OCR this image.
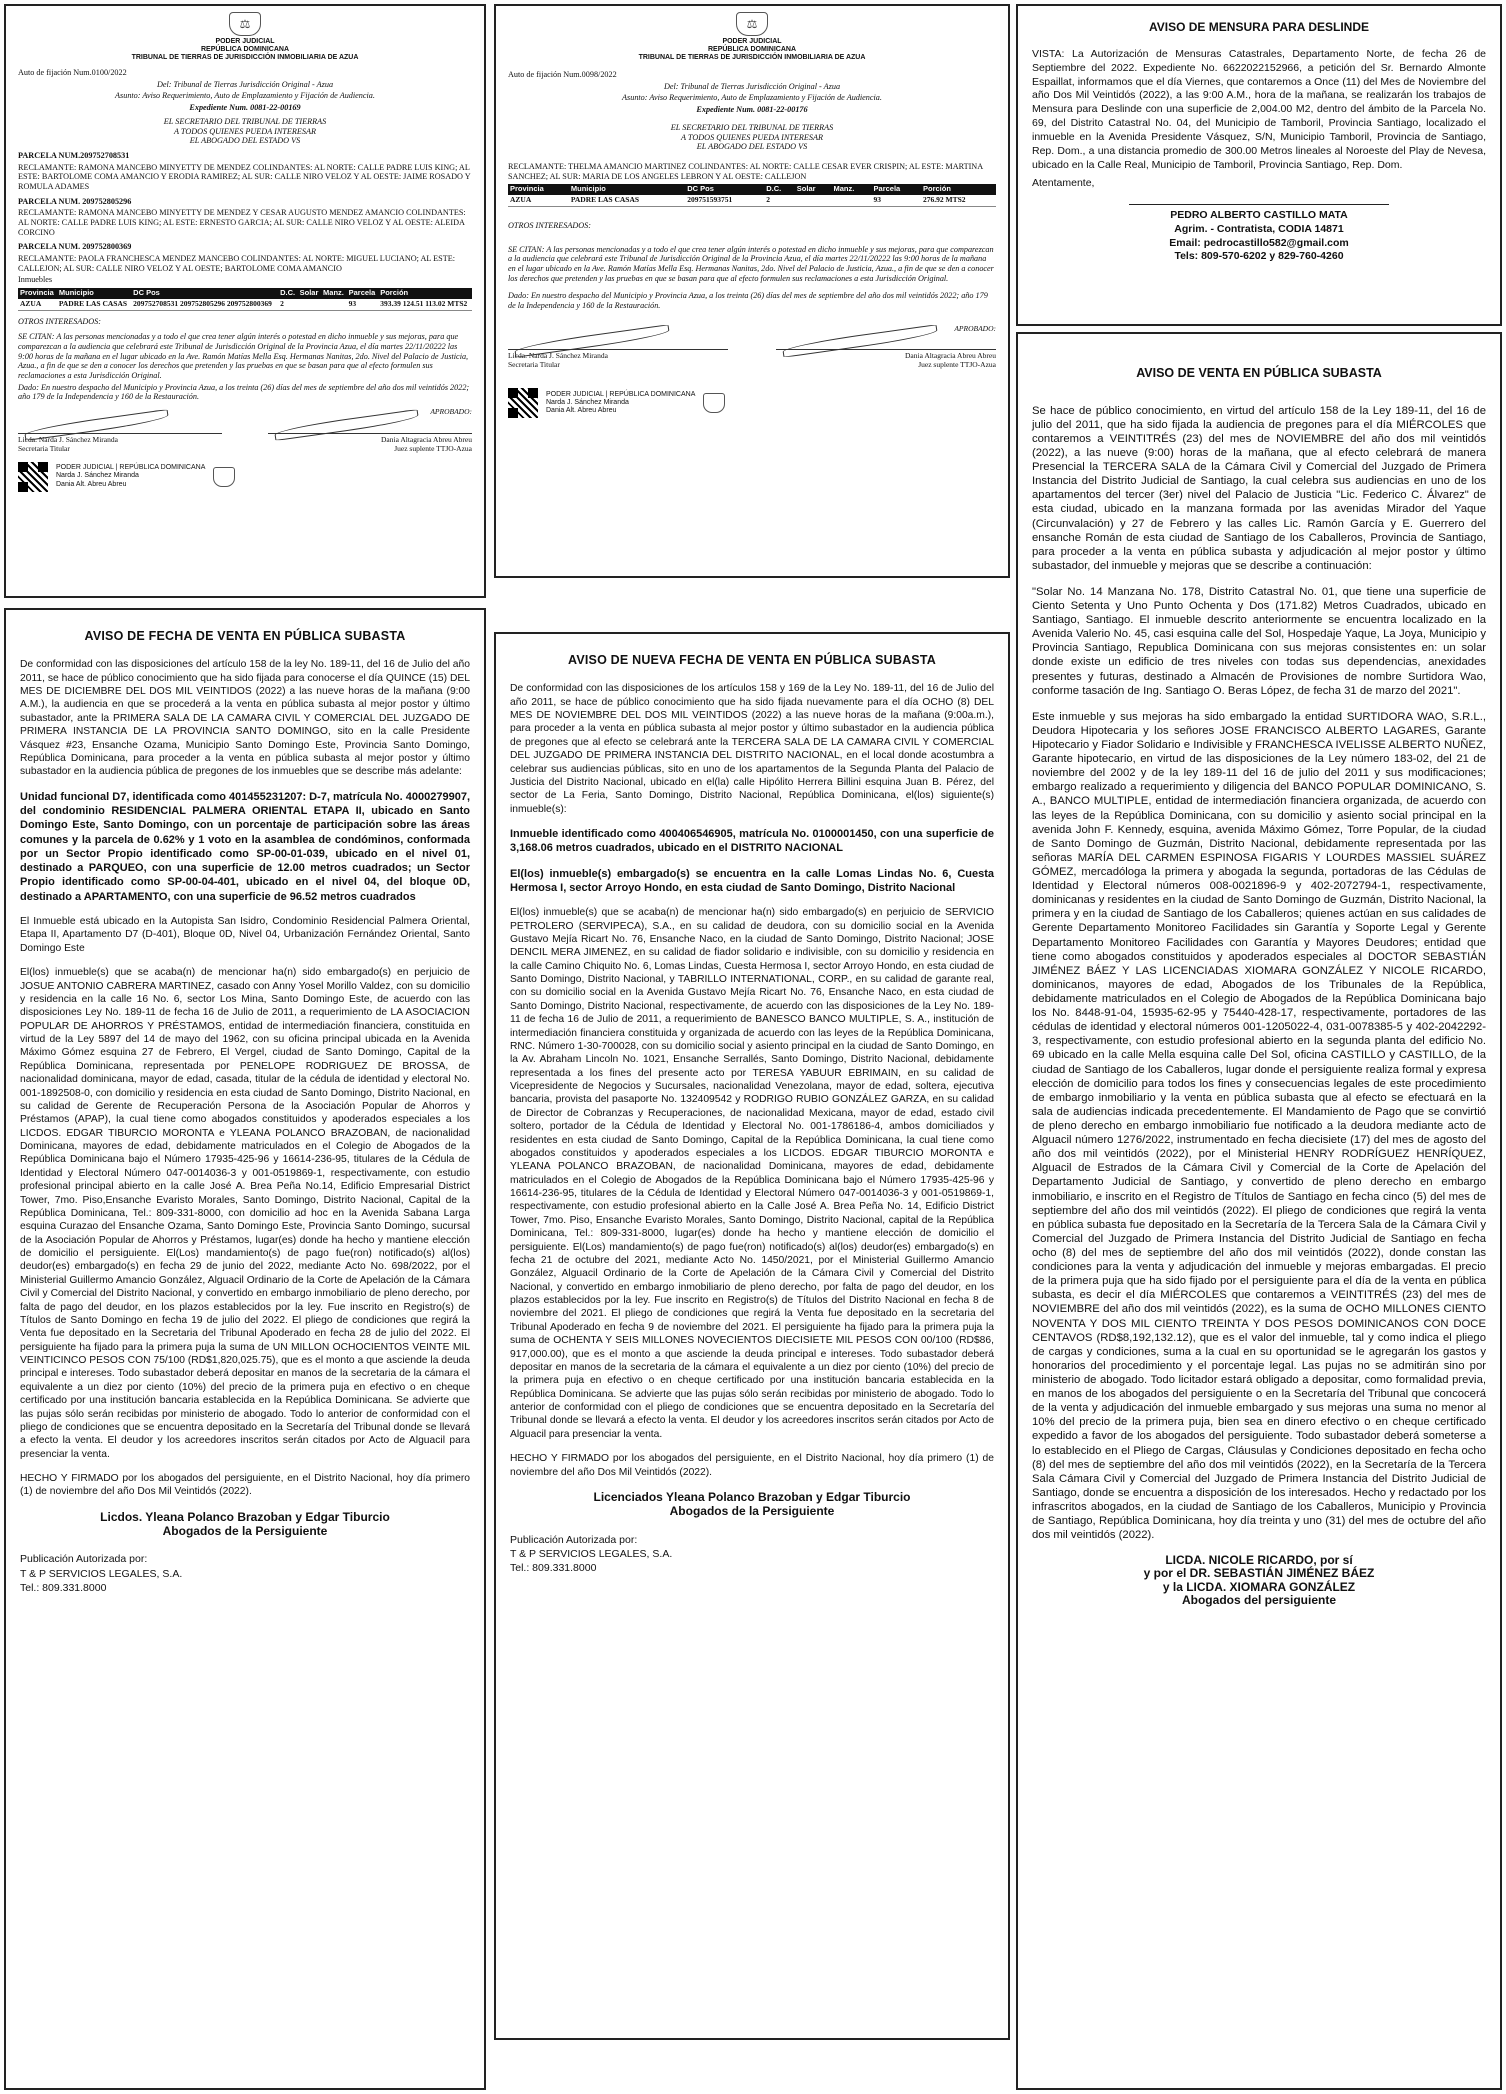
⚖
PODER JUDICIAL
REPÚBLICA DOMINICANA
TRIBUNAL DE TIERRAS DE JURISDICCIÓN INMOBILIARIA DE AZUA

Auto de fijación Num.0100/2022

Del: Tribunal de Tierras Jurisdicción Original - Azua

Asunto: Aviso Requerimiento, Auto de Emplazamiento y Fijación de Audiencia.

Expediente Num. 0081-22-00169

EL SECRETARIO DEL TRIBUNAL DE TIERRAS
A TODOS QUIENES PUEDA INTERESAR
EL ABOGADO DEL ESTADO VS

PARCELA NUM.209752708531

RECLAMANTE: RAMONA MANCEBO MINYETTY DE MENDEZ COLINDANTES: AL NORTE: CALLE PADRE LUIS KING; AL ESTE: BARTOLOME COMA AMANCIO Y ERODIA RAMIREZ; AL SUR: CALLE NIRO VELOZ Y AL OESTE: JAIME ROSADO Y ROMULA ADAMES

PARCELA NUM. 209752805296

RECLAMANTE: RAMONA MANCEBO MINYETTY DE MENDEZ Y CESAR AUGUSTO MENDEZ AMANCIO COLINDANTES: AL NORTE: CALLE PADRE LUIS KING; AL ESTE: ERNESTO GARCIA; AL SUR: CALLE NIRO VELOZ Y AL OESTE: ALEIDA CORCINO

PARCELA NUM. 209752800369

RECLAMANTE: PAOLA FRANCHESCA MENDEZ MANCEBO COLINDANTES: AL NORTE: MIGUEL LUCIANO; AL ESTE: CALLEJON; AL SUR: CALLE NIRO VELOZ Y AL OESTE; BARTOLOME COMA AMANCIO

Inmuebles

Provincia	Municipio	DC Pos	D.C.	Solar	Manz.	Parcela	Porción
AZUA	PADRE LAS CASAS	209752708531 209752805296 209752800369	2			93	393.39 124.51 113.02 MTS2

OTROS INTERESADOS:

SE CITAN: A las personas mencionadas y a todo el que crea tener algún interés o potestad en dicho inmueble y sus mejoras, para que comparezcan a la audiencia que celebrará este Tribunal de Jurisdicción Original de la Provincia Azua, el día martes 22/11/20222 las 9:00 horas de la mañana en el lugar ubicado en la Ave. Ramón Matías Mella Esq. Hermanas Nanitas, 2do. Nivel del Palacio de Justicia, Azua., a fin de que se den a conocer los derechos que pretenden y las pruebas en que se basan para que al efecto formulen sus reclamaciones a esta Jurisdicción Original.

Dado: En nuestro despacho del Municipio y Provincia Azua, a los treinta (26) días del mes de septiembre del año dos mil veintidós 2022; año 179 de la Independencia y 160 de la Restauración.

Licda. Narda J. Sánchez Miranda
Secretaria Titular
APROBADO:
Dania Altagracia Abreu Abreu
Juez suplente TTJO-Azua
PODER JUDICIAL | REPÚBLICA DOMINICANA
Narda J. Sánchez Miranda
Dania Alt. Abreu Abreu
⚖
PODER JUDICIAL
REPÚBLICA DOMINICANA
TRIBUNAL DE TIERRAS DE JURISDICCIÓN INMOBILIARIA DE AZUA

Auto de fijación Num.0098/2022

Del: Tribunal de Tierras Jurisdicción Original - Azua

Asunto: Aviso Requerimiento, Auto de Emplazamiento y Fijación de Audiencia.

Expediente Num. 0081-22-00176

EL SECRETARIO DEL TRIBUNAL DE TIERRAS
A TODOS QUIENES PUEDA INTERESAR
EL ABOGADO DEL ESTADO VS

RECLAMANTE: THELMA AMANCIO MARTINEZ COLINDANTES: AL NORTE: CALLE CESAR EVER CRISPIN; AL ESTE: MARTINA SANCHEZ; AL SUR: MARIA DE LOS ANGELES LEBRON Y AL OESTE: CALLEJON

Provincia	Municipio	DC Pos	D.C.	Solar	Manz.	Parcela	Porción
AZUA	PADRE LAS CASAS	209751593751	2			93	276.92 MTS2

OTROS INTERESADOS:

SE CITAN: A las personas mencionadas y a todo el que crea tener algún interés o potestad en dicho inmueble y sus mejoras, para que comparezcan a la audiencia que celebrará este Tribunal de Jurisdicción Original de la Provincia Azua, el día martes 22/11/20222 las 9:00 horas de la mañana en el lugar ubicado en la Ave. Ramón Matías Mella Esq. Hermanas Nanitas, 2do. Nivel del Palacio de Justicia, Azua., a fin de que se den a conocer los derechos que pretenden y las pruebas en que se basan para que al efecto formulen sus reclamaciones a esta Jurisdicción Original.

Dado: En nuestro despacho del Municipio y Provincia Azua, a los treinta (26) días del mes de septiembre del año dos mil veintidós 2022; año 179 de la Independencia y 160 de la Restauración.

Licda. Narda J. Sánchez Miranda
Secretaria Titular
APROBADO:
Dania Altagracia Abreu Abreu
Juez suplente TTJO-Azua
PODER JUDICIAL | REPÚBLICA DOMINICANA
Narda J. Sánchez Miranda
Dania Alt. Abreu Abreu
AVISO DE MENSURA PARA DESLINDE

VISTA: La Autorización de Mensuras Catastrales, Departamento Norte, de fecha 26 de Septiembre del 2022. Expediente No. 6622022152966, a petición del Sr. Bernardo Almonte Espaillat, informamos que el día Viernes, que contaremos a Once (11) del Mes de Noviembre del año Dos Mil Veintidós (2022), a las 9:00 A.M., hora de la mañana, se realizarán los trabajos de Mensura para Deslinde con una superficie de 2,004.00 M2, dentro del ámbito de la Parcela No. 69, del Distrito Catastral No. 04, del Municipio de Tamboril, Provincia Santiago, localizado el inmueble en la Avenida Presidente Vásquez, S/N, Municipio Tamboril, Provincia de Santiago, Rep. Dom., a una distancia promedio de 300.00 Metros lineales al Noroeste del Play de Nevesa, ubicado en la Calle Real, Municipio de Tamboril, Provincia Santiago, Rep. Dom.

Atentamente,

PEDRO ALBERTO CASTILLO MATA
Agrim. - Contratista, CODIA 14871
Email: pedrocastillo582@gmail.com
Tels: 809-570-6202 y 829-760-4260
AVISO DE VENTA EN PÚBLICA SUBASTA

Se hace de público conocimiento, en virtud del artículo 158 de la Ley 189-11, del 16 de julio del 2011, que ha sido fijada la audiencia de pregones para el día MIÉRCOLES que contaremos a VEINTITRÉS (23) del mes de NOVIEMBRE del año dos mil veintidós (2022), a las nueve (9:00) horas de la mañana, que al efecto celebrará de manera Presencial la TERCERA SALA de la Cámara Civil y Comercial del Juzgado de Primera Instancia del Distrito Judicial de Santiago, la cual celebra sus audiencias en uno de los apartamentos del tercer (3er) nivel del Palacio de Justicia "Lic. Federico C. Álvarez" de esta ciudad, ubicado en la manzana formada por las avenidas Mirador del Yaque (Circunvalación) y 27 de Febrero y las calles Lic. Ramón García y E. Guerrero del ensanche Román de esta ciudad de Santiago de los Caballeros, Provincia de Santiago, para proceder a la venta en pública subasta y adjudicación al mejor postor y último subastador, del inmueble y mejoras que se describe a continuación:

"Solar No. 14 Manzana No. 178, Distrito Catastral No. 01, que tiene una superficie de Ciento Setenta y Uno Punto Ochenta y Dos (171.82) Metros Cuadrados, ubicado en Santiago, Santiago. El inmueble descrito anteriormente se encuentra localizado en la Avenida Valerio No. 45, casi esquina calle del Sol, Hospedaje Yaque, La Joya, Municipio y Provincia Santiago, Republica Dominicana con sus mejoras consistentes en: un solar donde existe un edificio de tres niveles con todas sus dependencias, anexidades presentes y futuras, destinado a Almacén de Provisiones de nombre Surtidora Wao, conforme tasación de Ing. Santiago O. Beras López, de fecha 31 de marzo del 2021".

Este inmueble y sus mejoras ha sido embargado la entidad SURTIDORA WAO, S.R.L., Deudora Hipotecaria y los señores JOSE FRANCISCO ALBERTO LAGARES, Garante Hipotecario y Fiador Solidario e Indivisible y FRANCHESCA IVELISSE ALBERTO NUÑEZ, Garante hipotecario, en virtud de las disposiciones de la Ley número 183-02, del 21 de noviembre del 2002 y de la ley 189-11 del 16 de julio del 2011 y sus modificaciones; embargo realizado a requerimiento y diligencia del BANCO POPULAR DOMINICANO, S. A., BANCO MULTIPLE, entidad de intermediación financiera organizada, de acuerdo con las leyes de la República Dominicana, con su domicilio y asiento social principal en la avenida John F. Kennedy, esquina, avenida Máximo Gómez, Torre Popular, de la ciudad de Santo Domingo de Guzmán, Distrito Nacional, debidamente representada por las señoras MARÍA DEL CARMEN ESPINOSA FIGARIS Y LOURDES MASSIEL SUÁREZ GÓMEZ, mercadóloga la primera y abogada la segunda, portadoras de las Cédulas de Identidad y Electoral números 008-0021896-9 y 402-2072794-1, respectivamente, dominicanas y residentes en la ciudad de Santo Domingo de Guzmán, Distrito Nacional, la primera y en la ciudad de Santiago de los Caballeros; quienes actúan en sus calidades de Gerente Departamento Monitoreo Facilidades sin Garantía y Soporte Legal y Gerente Departamento Monitoreo Facilidades con Garantía y Mayores Deudores; entidad que tiene como abogados constituidos y apoderados especiales al DOCTOR SEBASTIÁN JIMÉNEZ BÁEZ Y LAS LICENCIADAS XIOMARA GONZÁLEZ Y NICOLE RICARDO, dominicanos, mayores de edad, Abogados de los Tribunales de la República, debidamente matriculados en el Colegio de Abogados de la República Dominicana bajo los No. 8448-91-04, 15935-62-95 y 75440-428-17, respectivamente, portadores de las cédulas de identidad y electoral números 001-1205022-4, 031-0078385-5 y 402-2042292-3, respectivamente, con estudio profesional abierto en la segunda planta del edificio No. 69 ubicado en la calle Mella esquina calle Del Sol, oficina CASTILLO y CASTILLO, de la ciudad de Santiago de los Caballeros, lugar donde el persiguiente realiza formal y expresa elección de domicilio para todos los fines y consecuencias legales de este procedimiento de embargo inmobiliario y la venta en pública subasta que al efecto se efectuará en la sala de audiencias indicada precedentemente. El Mandamiento de Pago que se convirtió de pleno derecho en embargo inmobiliario fue notificado a la deudora mediante acto de Alguacil número 1276/2022, instrumentado en fecha diecisiete (17) del mes de agosto del año dos mil veintidós (2022), por el Ministerial HENRY RODRÍGUEZ HENRÍQUEZ, Alguacil de Estrados de la Cámara Civil y Comercial de la Corte de Apelación del Departamento Judicial de Santiago, y convertido de pleno derecho en embargo inmobiliario, e inscrito en el Registro de Títulos de Santiago en fecha cinco (5) del mes de septiembre del año dos mil veintidós (2022). El pliego de condiciones que regirá la venta en pública subasta fue depositado en la Secretaría de la Tercera Sala de la Cámara Civil y Comercial del Juzgado de Primera Instancia del Distrito Judicial de Santiago en fecha ocho (8) del mes de septiembre del año dos mil veintidós (2022), donde constan las condiciones para la venta y adjudicación del inmueble y mejoras embargadas. El precio de la primera puja que ha sido fijado por el persiguiente para el día de la venta en pública subasta, es decir el día MIÉRCOLES que contaremos a VEINTITRÉS (23) del mes de NOVIEMBRE del año dos mil veintidós (2022), es la suma de OCHO MILLONES CIENTO NOVENTA Y DOS MIL CIENTO TREINTA Y DOS PESOS DOMINICANOS CON DOCE CENTAVOS (RD$8,192,132.12), que es el valor del inmueble, tal y como indica el pliego de cargas y condiciones, suma a la cual en su oportunidad se le agregarán los gastos y honorarios del procedimiento y el porcentaje legal. Las pujas no se admitirán sino por ministerio de abogado. Todo licitador estará obligado a depositar, como formalidad previa, en manos de los abogados del persiguiente o en la Secretaría del Tribunal que concocerá de la venta y adjudicación del inmueble embargado y sus mejoras una suma no menor al 10% del precio de la primera puja, bien sea en dinero efectivo o en cheque certificado expedido a favor de los abogados del persiguiente. Todo subastador deberá someterse a lo establecido en el Pliego de Cargas, Cláusulas y Condiciones depositado en fecha ocho (8) del mes de septiembre del año dos mil veintidós (2022), en la Secretaría de la Tercera Sala Cámara Civil y Comercial del Juzgado de Primera Instancia del Distrito Judicial de Santiago, donde se encuentra a disposición de los interesados. Hecho y redactado por los infrascritos abogados, en la ciudad de Santiago de los Caballeros, Municipio y Provincia de Santiago, República Dominicana, hoy día treinta y uno (31) del mes de octubre del año dos mil veintidós (2022).

LICDA. NICOLE RICARDO, por sí
y por el DR. SEBASTIÁN JIMÉNEZ BÁEZ
y la LICDA. XIOMARA GONZÁLEZ
Abogados del persiguiente
AVISO DE FECHA DE VENTA EN PÚBLICA SUBASTA

De conformidad con las disposiciones del artículo 158 de la ley No. 189-11, del 16 de Julio del año 2011, se hace de público conocimiento que ha sido fijada para conocerse el día QUINCE (15) DEL MES DE DICIEMBRE DEL DOS MIL VEINTIDOS (2022) a las nueve horas de la mañana (9:00 A.M.), la audiencia en que se procederá a la venta en pública subasta al mejor postor y último subastador, ante la PRIMERA SALA DE LA CAMARA CIVIL Y COMERCIAL DEL JUZGADO DE PRIMERA INSTANCIA DE LA PROVINCIA SANTO DOMINGO, sito en la calle Presidente Vásquez #23, Ensanche Ozama, Municipio Santo Domingo Este, Provincia Santo Domingo, República Dominicana, para proceder a la venta en pública subasta al mejor postor y último subastador en la audiencia pública de pregones de los inmuebles que se describe más adelante:

Unidad funcional D7, identificada como 401455231207: D-7, matrícula No. 4000279907, del condominio RESIDENCIAL PALMERA ORIENTAL ETAPA II, ubicado en Santo Domingo Este, Santo Domingo, con un porcentaje de participación sobre las áreas comunes y la parcela de 0.62% y 1 voto en la asamblea de condóminos, conformada por un Sector Propio identificado como SP-00-01-039, ubicado en el nivel 01, destinado a PARQUEO, con una superficie de 12.00 metros cuadrados; un Sector Propio identificado como SP-00-04-401, ubicado en el nivel 04, del bloque 0D, destinado a APARTAMENTO, con una superficie de 96.52 metros cuadrados

El Inmueble está ubicado en la Autopista San Isidro, Condominio Residencial Palmera Oriental, Etapa II, Apartamento D7 (D-401), Bloque 0D, Nivel 04, Urbanización Fernández Oriental, Santo Domingo Este

El(los) inmueble(s) que se acaba(n) de mencionar ha(n) sido embargado(s) en perjuicio de JOSUE ANTONIO CABRERA MARTINEZ, casado con Anny Yosel Morillo Valdez, con su domicilio y residencia en la calle 16 No. 6, sector Los Mina, Santo Domingo Este, de acuerdo con las disposiciones Ley No. 189-11 de fecha 16 de Julio de 2011, a requerimiento de LA ASOCIACION POPULAR DE AHORROS Y PRÉSTAMOS, entidad de intermediación financiera, constituida en virtud de la Ley 5897 del 14 de mayo del 1962, con su oficina principal ubicada en la Avenida Máximo Gómez esquina 27 de Febrero, El Vergel, ciudad de Santo Domingo, Capital de la República Dominicana, representada por PENELOPE RODRIGUEZ DE BROSSA, de nacionalidad dominicana, mayor de edad, casada, titular de la cédula de identidad y electoral No. 001-1892508-0, con domicilio y residencia en esta ciudad de Santo Domingo, Distrito Nacional, en su calidad de Gerente de Recuperación Persona de la Asociación Popular de Ahorros y Préstamos (APAP), la cual tiene como abogados constituidos y apoderados especiales a los LICDOS. EDGAR TIBURCIO MORONTA e YLEANA POLANCO BRAZOBAN, de nacionalidad Dominicana, mayores de edad, debidamente matriculados en el Colegio de Abogados de la República Dominicana bajo el Número 17935-425-96 y 16614-236-95, titulares de la Cédula de Identidad y Electoral Número 047-0014036-3 y 001-0519869-1, respectivamente, con estudio profesional principal abierto en la calle José A. Brea Peña No.14, Edificio Empresarial District Tower, 7mo. Piso,Ensanche Evaristo Morales, Santo Domingo, Distrito Nacional, Capital de la República Dominicana, Tel.: 809-331-8000, con domicilio ad hoc en la Avenida Sabana Larga esquina Curazao del Ensanche Ozama, Santo Domingo Este, Provincia Santo Domingo, sucursal de la Asociación Popular de Ahorros y Préstamos, lugar(es) donde ha hecho y mantiene elección de domicilio el persiguiente. El(Los) mandamiento(s) de pago fue(ron) notificado(s) al(los) deudor(es) embargado(s) en fecha 29 de junio del 2022, mediante Acto No. 698/2022, por el Ministerial Guillermo Amancio González, Alguacil Ordinario de la Corte de Apelación de la Cámara Civil y Comercial del Distrito Nacional, y convertido en embargo inmobiliario de pleno derecho, por falta de pago del deudor, en los plazos establecidos por la ley. Fue inscrito en Registro(s) de Títulos de Santo Domingo en fecha 19 de julio del 2022. El pliego de condiciones que regirá la Venta fue depositado en la Secretaria del Tribunal Apoderado en fecha 28 de julio del 2022. El persiguiente ha fijado para la primera puja la suma de UN MILLON OCHOCIENTOS VEINTE MIL VEINTICINCO PESOS CON 75/100 (RD$1,820,025.75), que es el monto a que asciende la deuda principal e intereses. Todo subastador deberá depositar en manos de la secretaria de la cámara el equivalente a un diez por ciento (10%) del precio de la primera puja en efectivo o en cheque certificado por una institución bancaria establecida en la República Dominicana. Se advierte que las pujas sólo serán recibidas por ministerio de abogado. Todo lo anterior de conformidad con el pliego de condiciones que se encuentra depositado en la Secretaría del Tribunal donde se llevará a efecto la venta. El deudor y los acreedores inscritos serán citados por Acto de Alguacil para presenciar la venta.

HECHO Y FIRMADO por los abogados del persiguiente, en el Distrito Nacional, hoy día primero (1) de noviembre del año Dos Mil Veintidós (2022).

Licdos. Yleana Polanco Brazoban y Edgar Tiburcio
Abogados de la Persiguiente
Publicación Autorizada por:
T & P SERVICIOS LEGALES, S.A.
Tel.: 809.331.8000
AVISO DE NUEVA FECHA DE VENTA EN PÚBLICA SUBASTA

De conformidad con las disposiciones de los artículos 158 y 169 de la Ley No. 189-11, del 16 de Julio del año 2011, se hace de público conocimiento que ha sido fijada nuevamente para el día OCHO (8) DEL MES DE NOVIEMBRE DEL DOS MIL VEINTIDOS (2022) a las nueve horas de la mañana (9:00a.m.), para proceder a la venta en pública subasta al mejor postor y último subastador en la audiencia pública de pregones que al efecto se celebrará ante la TERCERA SALA DE LA CAMARA CIVIL Y COMERCIAL DEL JUZGADO DE PRIMERA INSTANCIA DEL DISTRITO NACIONAL, en el local donde acostumbra a celebrar sus audiencias públicas, sito en uno de los apartamentos de la Segunda Planta del Palacio de Justicia del Distrito Nacional, ubicado en el(la) calle Hipólito Herrera Billini esquina Juan B. Pérez, del sector de La Feria, Santo Domingo, Distrito Nacional, República Dominicana, el(los) siguiente(s) inmueble(s):

Inmueble identificado como 400406546905, matrícula No. 0100001450, con una superficie de 3,168.06 metros cuadrados, ubicado en el DISTRITO NACIONAL

El(los) inmueble(s) embargado(s) se encuentra en la calle Lomas Lindas No. 6, Cuesta Hermosa I, sector Arroyo Hondo, en esta ciudad de Santo Domingo, Distrito Nacional

El(los) inmueble(s) que se acaba(n) de mencionar ha(n) sido embargado(s) en perjuicio de SERVICIO PETROLERO (SERVIPECA), S.A., en su calidad de deudora, con su domicilio social en la Avenida Gustavo Mejía Ricart No. 76, Ensanche Naco, en la ciudad de Santo Domingo, Distrito Nacional; JOSE DENCIL MERA JIMENEZ, en su calidad de fiador solidario e indivisible, con su domicilio y residencia en la calle Camino Chiquito No. 6, Lomas Lindas, Cuesta Hermosa I, sector Arroyo Hondo, en esta ciudad de Santo Domingo, Distrito Nacional, y TABRILLO INTERNATIONAL, CORP., en su calidad de garante real, con su domicilio social en la Avenida Gustavo Mejía Ricart No. 76, Ensanche Naco, en esta ciudad de Santo Domingo, Distrito Nacional, respectivamente, de acuerdo con las disposiciones de la Ley No. 189-11 de fecha 16 de Julio de 2011, a requerimiento de BANESCO BANCO MULTIPLE, S. A., institución de intermediación financiera constituida y organizada de acuerdo con las leyes de la República Dominicana, RNC. Número 1-30-700028, con su domicilio social y asiento principal en la ciudad de Santo Domingo, en la Av. Abraham Lincoln No. 1021, Ensanche Serrallés, Santo Domingo, Distrito Nacional, debidamente representada a los fines del presente acto por TERESA YABUUR EBRIMAIN, en su calidad de Vicepresidente de Negocios y Sucursales, nacionalidad Venezolana, mayor de edad, soltera, ejecutiva bancaria, provista del pasaporte No. 132409542 y RODRIGO RUBIO GONZÁLEZ GARZA, en su calidad de Director de Cobranzas y Recuperaciones, de nacionalidad Mexicana, mayor de edad, estado civil soltero, portador de la Cédula de Identidad y Electoral No. 001-1786186-4, ambos domiciliados y residentes en esta ciudad de Santo Domingo, Capital de la República Dominicana, la cual tiene como abogados constituidos y apoderados especiales a los LICDOS. EDGAR TIBURCIO MORONTA e YLEANA POLANCO BRAZOBAN, de nacionalidad Dominicana, mayores de edad, debidamente matriculados en el Colegio de Abogados de la República Dominicana bajo el Número 17935-425-96 y 16614-236-95, titulares de la Cédula de Identidad y Electoral Número 047-0014036-3 y 001-0519869-1, respectivamente, con estudio profesional abierto en la Calle José A. Brea Peña No. 14, Edificio District Tower, 7mo. Piso, Ensanche Evaristo Morales, Santo Domingo, Distrito Nacional, capital de la República Dominicana, Tel.: 809-331-8000, lugar(es) donde ha hecho y mantiene elección de domicilio el persiguiente. El(Los) mandamiento(s) de pago fue(ron) notificado(s) al(los) deudor(es) embargado(s) en fecha 21 de octubre del 2021, mediante Acto No. 1450/2021, por el Ministerial Guillermo Amancio González, Alguacil Ordinario de la Corte de Apelación de la Cámara Civil y Comercial del Distrito Nacional, y convertido en embargo inmobiliario de pleno derecho, por falta de pago del deudor, en los plazos establecidos por la ley. Fue inscrito en Registro(s) de Títulos del Distrito Nacional en fecha 8 de noviembre del 2021. El pliego de condiciones que regirá la Venta fue depositado en la secretaria del Tribunal Apoderado en fecha 9 de noviembre del 2021. El persiguiente ha fijado para la primera puja la suma de OCHENTA Y SEIS MILLONES NOVECIENTOS DIECISIETE MIL PESOS CON 00/100 (RD$86, 917,000.00), que es el monto a que asciende la deuda principal e intereses. Todo subastador deberá depositar en manos de la secretaria de la cámara el equivalente a un diez por ciento (10%) del precio de la primera puja en efectivo o en cheque certificado por una institución bancaria establecida en la República Dominicana. Se advierte que las pujas sólo serán recibidas por ministerio de abogado. Todo lo anterior de conformidad con el pliego de condiciones que se encuentra depositado en la Secretaría del Tribunal donde se llevará a efecto la venta. El deudor y los acreedores inscritos serán citados por Acto de Alguacil para presenciar la venta.

HECHO Y FIRMADO por los abogados del persiguiente, en el Distrito Nacional, hoy día primero (1) de noviembre del año Dos Mil Veintidós (2022).

Licenciados Yleana Polanco Brazoban y Edgar Tiburcio
Abogados de la Persiguiente
Publicación Autorizada por:
T & P SERVICIOS LEGALES, S.A.
Tel.: 809.331.8000
